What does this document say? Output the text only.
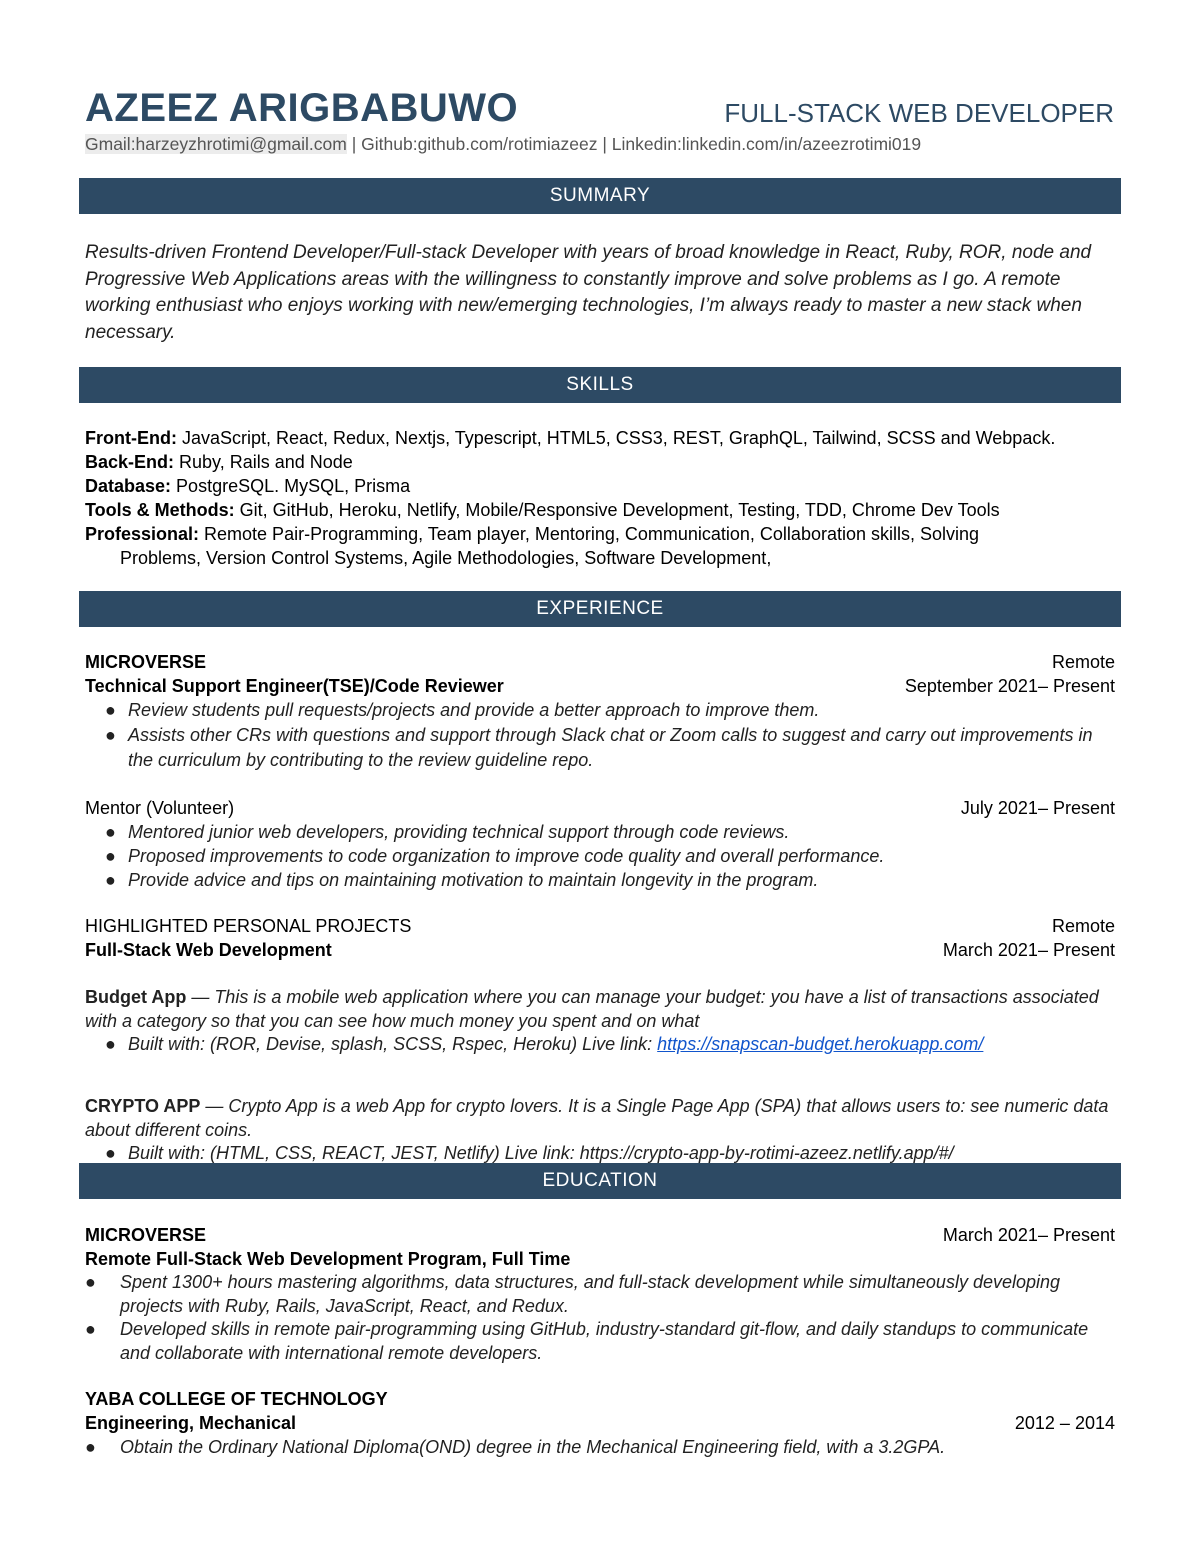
AZEEZ ARIGBABUWO	FULL-STACK WEB DEVELOPER
Gmail:harzeyzhrotimi@gmail.com | Github:github.com/rotimiazeez | Linkedin:linkedin.com/in/azeezrotimi019
SUMMARY
Results-driven Frontend Developer/Full-stack Developer with years of broad knowledge in React, Ruby, ROR, node and Progressive Web Applications areas with the willingness to constantly improve and solve problems as I go. A remote working enthusiast who enjoys working with new/emerging technologies, I’m always ready to master a new stack when necessary.
SKILLS
Front-End: JavaScript, React, Redux, Nextjs, Typescript, HTML5, CSS3, REST, GraphQL, Tailwind, SCSS and Webpack.
Back-End: Ruby, Rails and Node
Database: PostgreSQL. MySQL, Prisma
Tools & Methods: Git, GitHub, Heroku, Netlify, Mobile/Responsive Development, Testing, TDD, Chrome Dev Tools
Professional: Remote Pair-Programming, Team player, Mentoring, Communication, Collaboration skills, Solving
Problems, Version Control Systems, Agile Methodologies, Software Development,
EXPERIENCE
MICROVERSE	Remote
Technical Support Engineer(TSE)/Code Reviewer	September 2021– Present
● Review students pull requests/projects and provide a better approach to improve them.
● Assists other CRs with questions and support through Slack chat or Zoom calls to suggest and carry out improvements in the curriculum by contributing to the review guideline repo.
Mentor (Volunteer)	July 2021– Present
● Mentored junior web developers, providing technical support through code reviews.
● Proposed improvements to code organization to improve code quality and overall performance.
● Provide advice and tips on maintaining motivation to maintain longevity in the program.
HIGHLIGHTED PERSONAL PROJECTS	Remote
Full-Stack Web Development	March 2021– Present
Budget App — This is a mobile web application where you can manage your budget: you have a list of transactions associated with a category so that you can see how much money you spent and on what
● Built with: (ROR, Devise, splash, SCSS, Rspec, Heroku) Live link: https://snapscan-budget.herokuapp.com/
CRYPTO APP — Crypto App is a web App for crypto lovers. It is a Single Page App (SPA) that allows users to: see numeric data about different coins.
● Built with: (HTML, CSS, REACT, JEST, Netlify) Live link: https://crypto-app-by-rotimi-azeez.netlify.app/#/
EDUCATION
MICROVERSE	March 2021– Present
Remote Full-Stack Web Development Program, Full Time
●	Spent 1300+ hours mastering algorithms, data structures, and full-stack development while simultaneously developing projects with Ruby, Rails, JavaScript, React, and Redux.
●	Developed skills in remote pair-programming using GitHub, industry-standard git-flow, and daily standups to communicate and collaborate with international remote developers.
YABA COLLEGE OF TECHNOLOGY
Engineering, Mechanical	2012 – 2014
●	Obtain the Ordinary National Diploma(OND) degree in the Mechanical Engineering field, with a 3.2GPA.
